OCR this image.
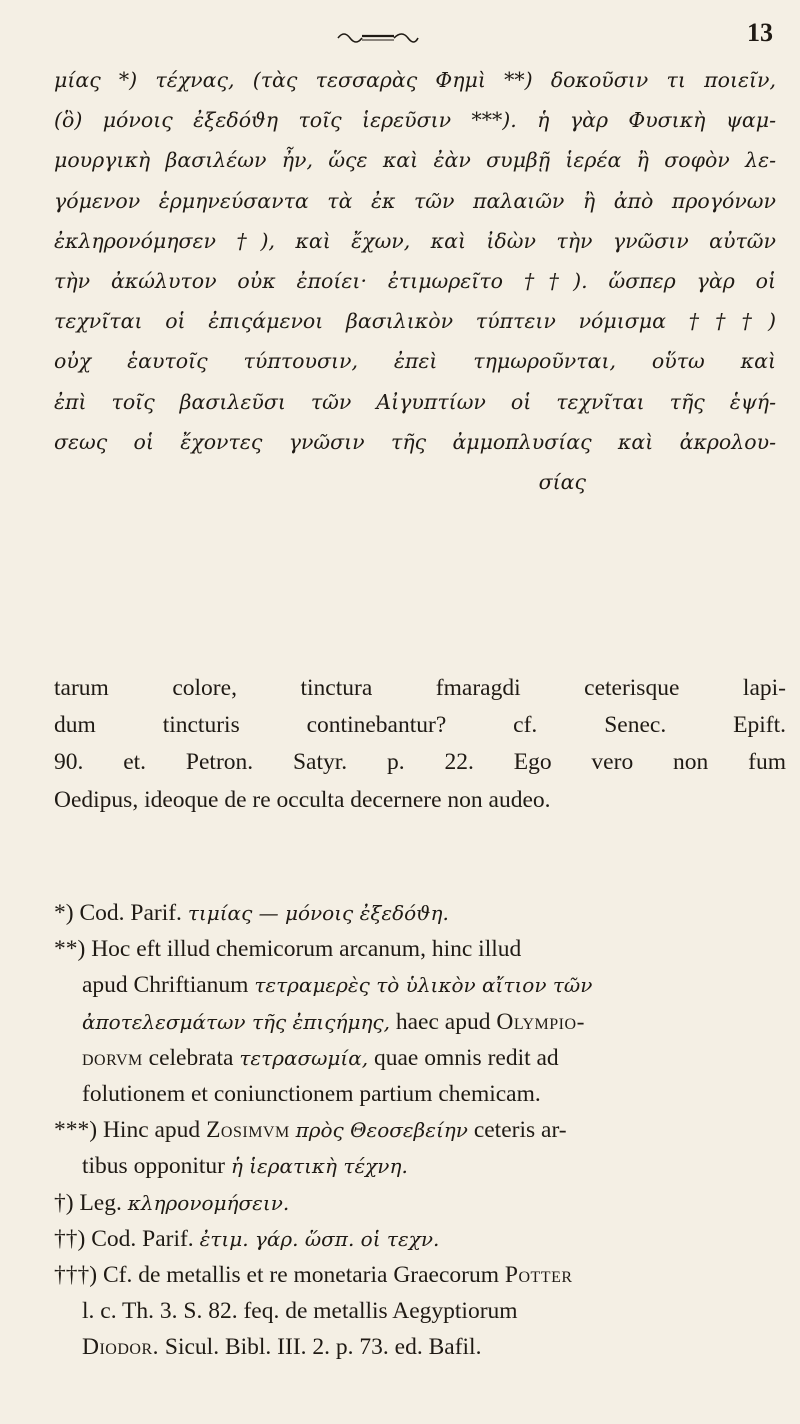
13
μίας *) τέχνας, (τὰς τεσσαρὰς Φημὶ **) δοκοῦσιν τι ποιεῖν,
(ὃ) μόνοις ἐξεδόϑη τοῖς ἱερεῦσιν ***). ἡ γὰρ Φυσικὴ ψαμ-
μουργικὴ βασιλέων ἦν, ὥςε καὶ ἐὰν συμβῇ ἱερέα ἢ σοφὸν λε-
γόμενον ἑρμηνεύσαντα τὰ ἐκ τῶν παλαιῶν ἢ ἀπὸ προγόνων
ἐκληρονόμησεν †), καὶ ἔχων, καὶ ἰδὼν τὴν γνῶσιν αὐτῶν
τὴν ἀκώλυτον οὐκ ἐποίει· ἐτιμωρεῖτο ††). ὥσπερ γὰρ οἱ
τεχνῖται οἱ ἐπιςάμενοι βασιλικὸν τύπτειν νόμισμα †††)
οὐχ ἑαυτοῖς τύπτουσιν, ἐπεὶ τημωροῦνται, οὕτω καὶ
ἐπὶ τοῖς βασιλεῦσι τῶν Αἰγυπτίων οἱ τεχνῖται τῆς ἑψή-
σεως οἱ ἔχοντες γνῶσιν τῆς ἀμμοπλυσίας καὶ ἀκρολου-
σίας
tarum colore, tinctura fmaragdi ceterisque lapi-
dum tincturis continebantur? cf. Senec. Epift.
90. et. Petron. Satyr. p. 22. Ego vero non fum
Oedipus, ideoque de re occulta decernere non audeo.
*) Cod. Parif. τιμίας — μόνοις ἐξεδόϑη.
**) Hoc eft illud chemicorum arcanum, hinc illud
apud Chriftianum τετραμερὲς τὸ ὑλικὸν αἴτιον τῶν
ἀποτελεσμάτων τῆς ἐπιςήμης, haec apud Olympio-
dorvm celebrata τετρασωμία, quae omnis redit ad
folutionem et coniunctionem partium chemicam.
***) Hinc apud Zosimvm πρὸς Θεοσεβείην ceteris ar-
tibus opponitur ἡ ἱερατικὴ τέχνη.
†) Leg. κληρονομήσειν.
††) Cod. Parif. ἐτιμ. γάρ. ὥσπ. οἱ τεχν.
†††) Cf. de metallis et re monetaria Graecorum Potter
l. c. Th. 3. S. 82. feq. de metallis Aegyptiorum
Diodor. Sicul. Bibl. III. 2. p. 73. ed. Bafil.
